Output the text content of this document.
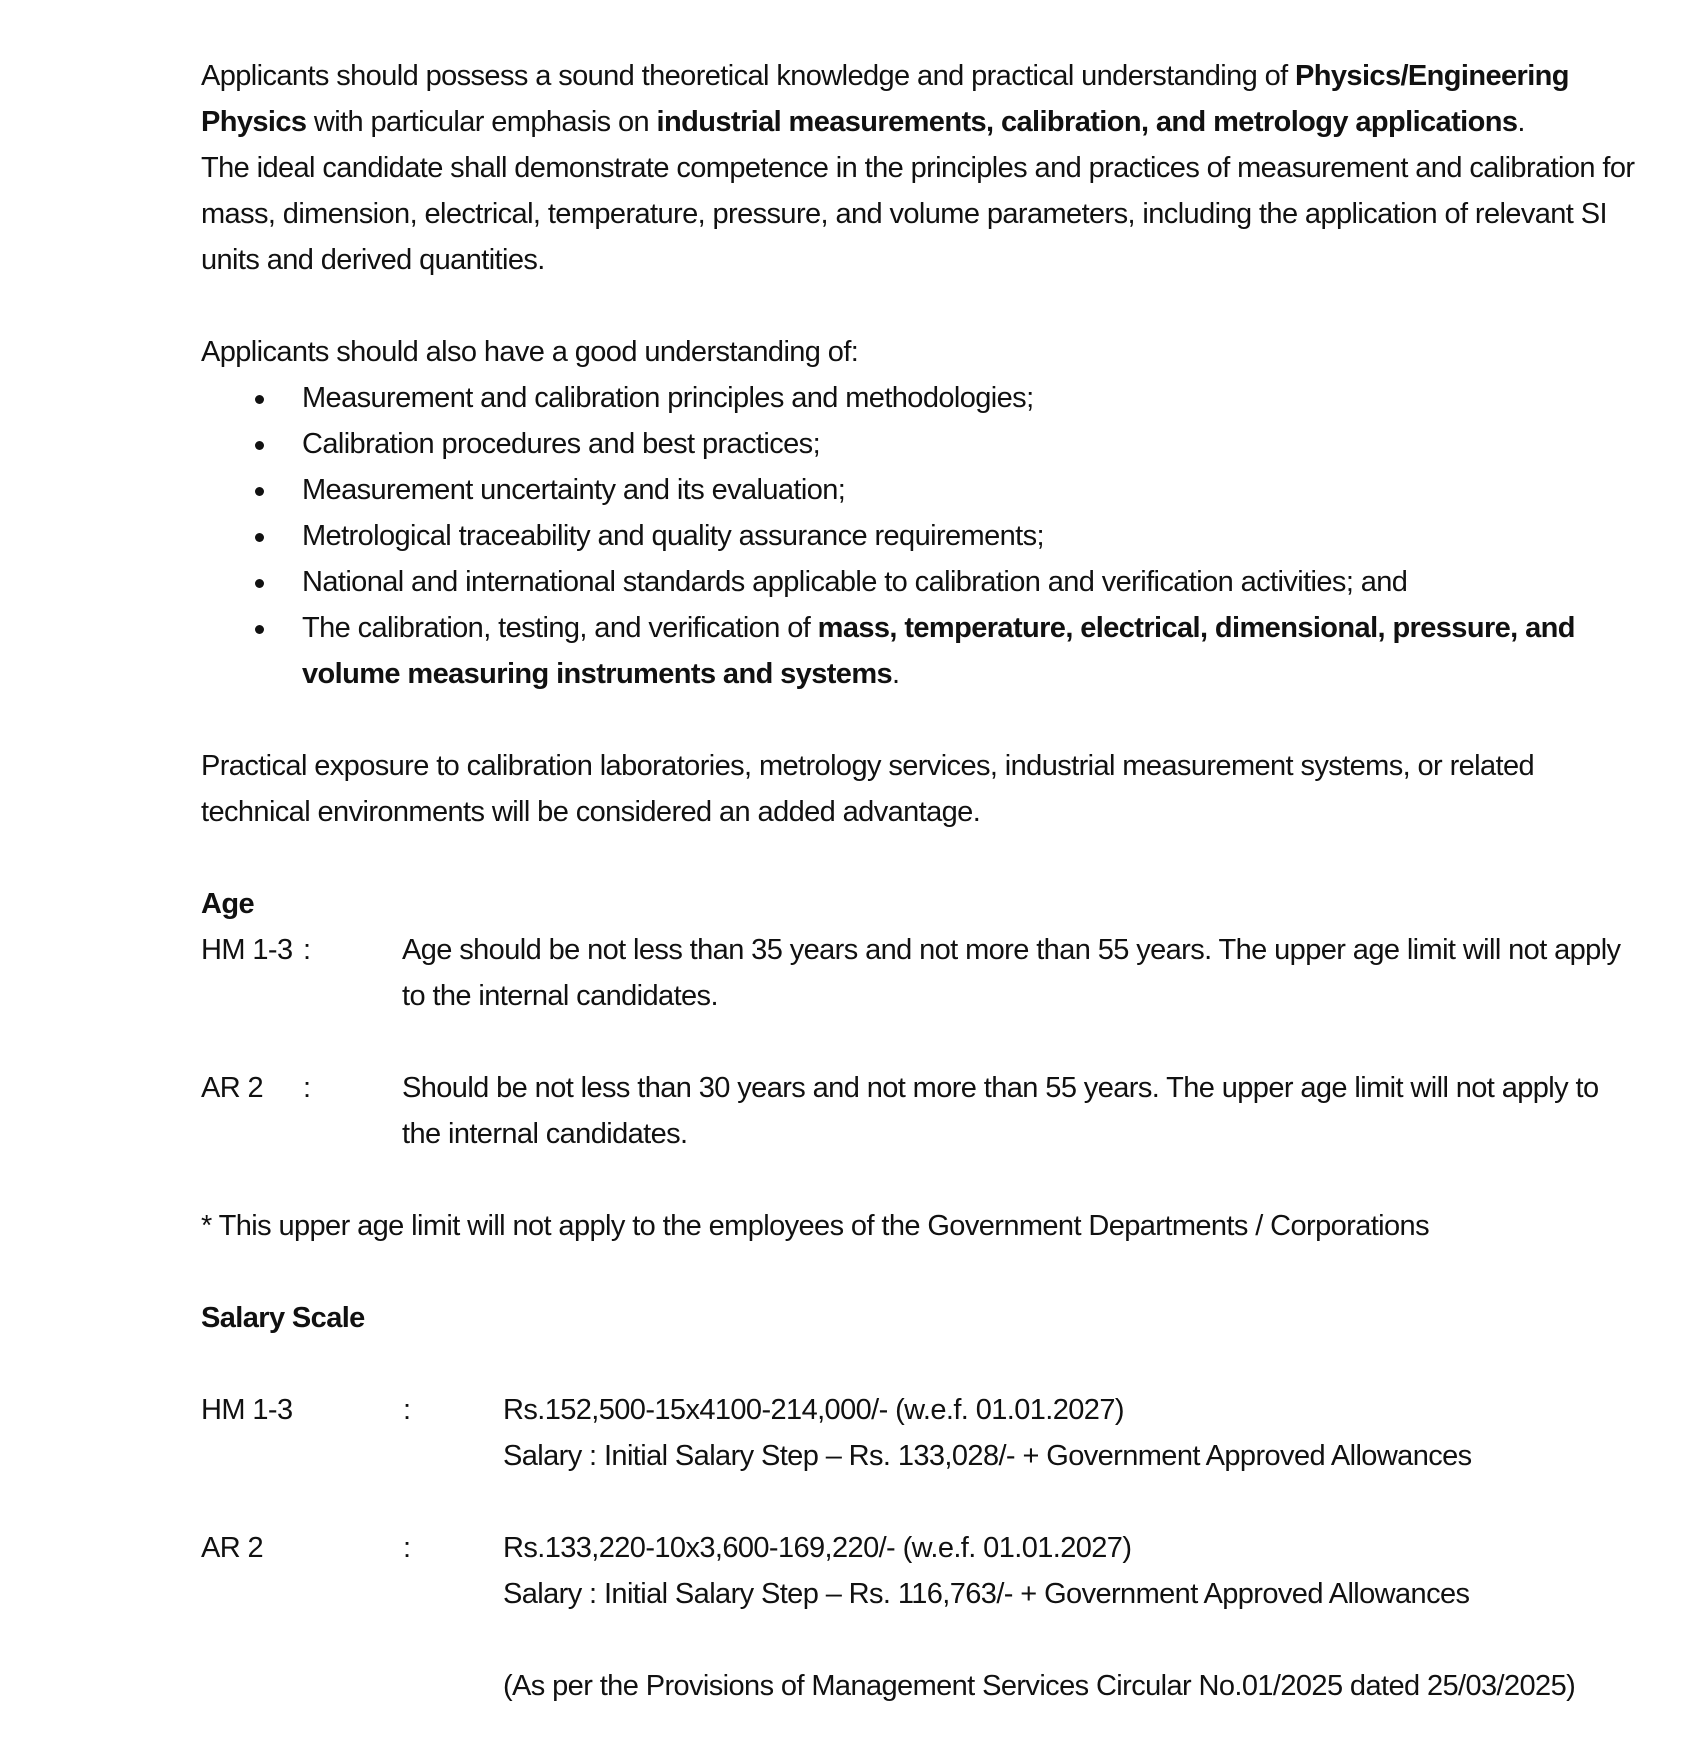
Applicants should possess a sound theoretical knowledge and practical understanding of Physics/Engineering
Physics with particular emphasis on industrial measurements, calibration, and metrology applications.
The ideal candidate shall demonstrate competence in the principles and practices of measurement and calibration for
mass, dimension, electrical, temperature, pressure, and volume parameters, including the application of relevant SI
units and derived quantities.
Applicants should also have a good understanding of:
Measurement and calibration principles and methodologies;
Calibration procedures and best practices;
Measurement uncertainty and its evaluation;
Metrological traceability and quality assurance requirements;
National and international standards applicable to calibration and verification activities; and
The calibration, testing, and verification of mass, temperature, electrical, dimensional, pressure, and
volume measuring instruments and systems.
Practical exposure to calibration laboratories, metrology services, industrial measurement systems, or related
technical environments will be considered an added advantage.
Age
HM 1-3 :	Age should be not less than 35 years and not more than 55 years. The upper age limit will not apply
to the internal candidates.
AR 2 :	Should be not less than 30 years and not more than 55 years. The upper age limit will not apply to
the internal candidates.
* This upper age limit will not apply to the employees of the Government Departments / Corporations
Salary Scale
HM 1-3	:	Rs.152,500-15x4100-214,000/- (w.e.f. 01.01.2027)
Salary : Initial Salary Step – Rs. 133,028/- + Government Approved Allowances
AR 2	:	Rs.133,220-10x3,600-169,220/- (w.e.f. 01.01.2027)
Salary : Initial Salary Step – Rs. 116,763/- + Government Approved Allowances
(As per the Provisions of Management Services Circular No.01/2025 dated 25/03/2025)
